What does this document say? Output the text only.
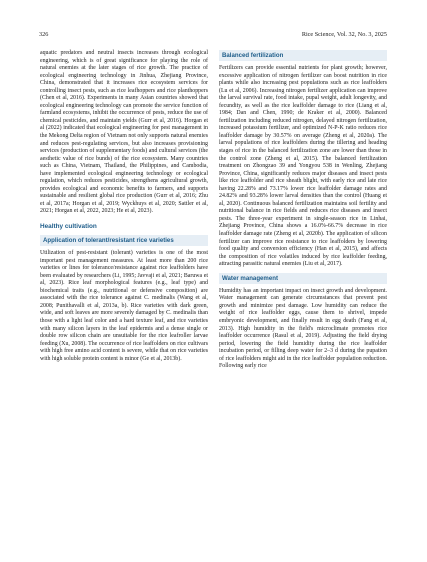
326	Rice Science, Vol. 32, No. 3, 2025

aquatic predators and neutral insects increases through ecological engineering, which is of great significance for playing the role of natural enemies at the later stages of rice growth. The practice of ecological engineering technology in Jinhua, Zhejiang Province, China, demonstrated that it increases rice ecosystem services for controlling insect pests, such as rice leafhoppers and rice planthoppers (Chen et al, 2016). Experiments in many Asian countries showed that ecological engineering technology can promote the service function of farmland ecosystems, inhibit the occurrence of pests, reduce the use of chemical pesticides, and maintain yields (Gurr et al, 2016). Horgan et al (2022) indicated that ecological engineering for pest management in the Mekong Delta region of Vietnam not only supports natural enemies and reduces pest-regulating services, but also increases provisioning services (production of supplementary foods) and cultural services (the aesthetic value of rice bunds) of the rice ecosystem. Many countries such as China, Vietnam, Thailand, the Philippines, and Cambodia, have implemented ecological engineering technology or ecological regulation, which reduces pesticides, strengthens agricultural growth, provides ecological and economic benefits to farmers, and supports sustainable and resilient global rice production (Gurr et al, 2016; Zhu et al, 2017a; Horgan et al, 2019; Wyckhuys et al, 2020; Sattler et al, 2021; Horgan et al, 2022, 2023; He et al, 2023).

Healthy cultivation
Application of tolerant/resistant rice varieties

Utilization of pest-resistant (tolerant) varieties is one of the most important pest management measures. At least more than 200 rice varieties or lines for tolerance/resistance against rice leaffolders have been evaluated by researchers (Li, 1995; Javvaji et al, 2021; Baruwa et al, 2023). Rice leaf morphological features (e.g., leaf type) and biochemical traits (e.g., nutritional or defensive composition) are associated with the rice tolerance against C. medinalis (Wang et al, 2008; Punithavalli et al, 2013a, b). Rice varieties with dark green, wide, and soft leaves are more severely damaged by C. medinalis than those with a light leaf color and a hard texture leaf, and rice varieties with many silicon layers in the leaf epidermis and a dense single or double row silicon chain are unsuitable for the rice leafroller larvae feeding (Xu, 2008). The occurrence of rice leaffolders on rice cultivars with high free amino acid content is severe, while that on rice varieties with high soluble protein content is minor (Ge et al, 2013b).

Balanced fertilization

Fertilizers can provide essential nutrients for plant growth; however, excessive application of nitrogen fertilizer can boost nutrition in rice plants while also increasing pest populations such as rice leaffolders (Lu et al, 2006). Increasing nitrogen fertilizer application can improve the larval survival rate, food intake, pupal weight, adult longevity, and fecundity, as well as the rice leaffolder damage to rice (Liang et al, 1984; Dan and Chen, 1990; de Kraker et al, 2000). Balanced fertilization including reduced nitrogen, delayed nitrogen fertilization, increased potassium fertilizer, and optimized N-P-K ratio reduces rice leaffolder damage by 30.57% on average (Zheng et al, 2020a). The larval populations of rice leaffolders during the tillering and heading stages of rice in the balanced fertilization zone are lower than those in the control zone (Zheng et al, 2015). The balanced fertilization treatment on Zhongzao 39 and Yongyou 538 in Wenling, Zhejiang Province, China, significantly reduces major diseases and insect pests like rice leaffolder and rice sheath blight, with early rice and late rice having 22.28% and 73.17% lower rice leaffolder damage rates and 24.82% and 93.28% lower larval densities than the control (Huang et al, 2020). Continuous balanced fertilization maintains soil fertility and nutritional balance in rice fields and reduces rice diseases and insect pests. The three-year experiment in single-season rice in Linhai, Zhejiang Province, China shows a 16.0%-66.7% decrease in rice leaffolder damage rate (Zheng et al, 2020b). The application of silicon fertilizer can improve rice resistance to rice leaffolders by lowering food quality and conversion efficiency (Han et al, 2015), and affects the composition of rice volatiles induced by rice leaffolder feeding, attracting parasitic natural enemies (Liu et al, 2017).

Water management

Humidity has an important impact on insect growth and development. Water management can generate circumstances that prevent pest growth and minimize pest damage. Low humidity can reduce the weight of rice leaffolder eggs, cause them to shrivel, impede embryonic development, and finally result in egg death (Fang et al, 2013). High humidity in the field's microclimate promotes rice leaffolder occurrence (Rasul et al, 2019). Adjusting the field drying period, lowering the field humidity during the rice leaffolder incubation period, or filling deep water for 2–3 d during the pupation of rice leaffolders might aid in the rice leaffolder population reduction. Following early rice
